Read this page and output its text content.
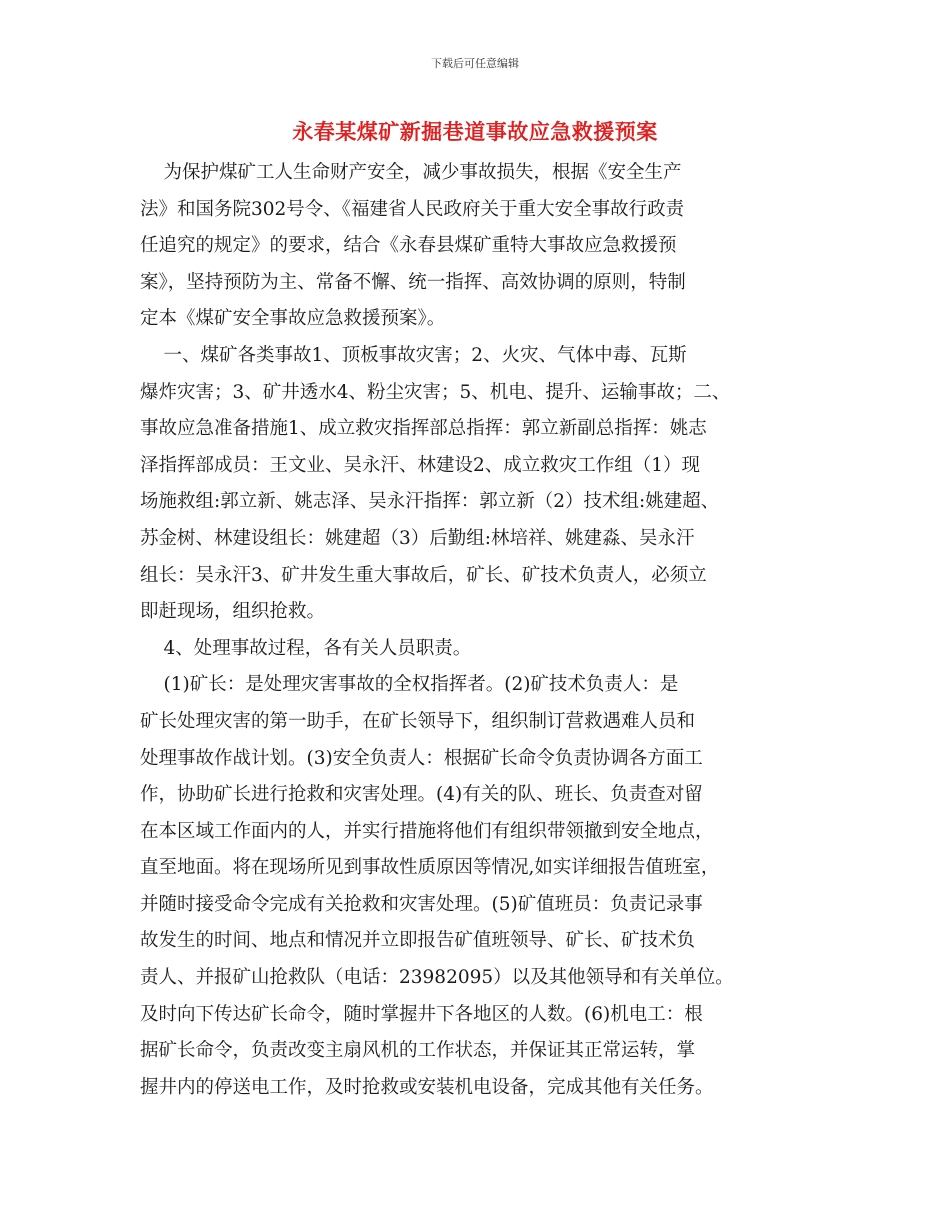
下载后可任意编辑
永春某煤矿新掘巷道事故应急救援预案
为保护煤矿工人生命财产安全，减少事故损失，根据《安全生产
法》和国务院302号令、《福建省人民政府关于重大安全事故行政责
任追究的规定》的要求，结合《永春县煤矿重特大事故应急救援预
案》，坚持预防为主、常备不懈、统一指挥、高效协调的原则，特制
定本《煤矿安全事故应急救援预案》。
一、煤矿各类事故1、顶板事故灾害；2、火灾、气体中毒、瓦斯
爆炸灾害；3、矿井透水4、粉尘灾害；5、机电、提升、运输事故；二、
事故应急准备措施1、成立救灾指挥部总指挥：郭立新副总指挥：姚志
泽指挥部成员：王文业、吴永汗、林建设2、成立救灾工作组（1）现
场施救组:郭立新、姚志泽、吴永汗指挥：郭立新（2）技术组:姚建超、
苏金树、林建设组长：姚建超（3）后勤组:林培祥、姚建淼、吴永汗
组长：吴永汗3、矿井发生重大事故后，矿长、矿技术负责人，必须立
即赶现场，组织抢救。
4、处理事故过程，各有关人员职责。
(1)矿长：是处理灾害事故的全权指挥者。(2)矿技术负责人：是
矿长处理灾害的第一助手，在矿长领导下，组织制订营救遇难人员和
处理事故作战计划。(3)安全负责人：根据矿长命令负责协调各方面工
作，协助矿长进行抢救和灾害处理。(4)有关的队、班长、负责查对留
在本区域工作面内的人，并实行措施将他们有组织带领撤到安全地点，
直至地面。将在现场所见到事故性质原因等情况,如实详细报告值班室，
并随时接受命令完成有关抢救和灾害处理。(5)矿值班员：负责记录事
故发生的时间、地点和情况并立即报告矿值班领导、矿长、矿技术负
责人、并报矿山抢救队（电话：23982095）以及其他领导和有关单位。
及时向下传达矿长命令，随时掌握井下各地区的人数。(6)机电工：根
据矿长命令，负责改变主扇风机的工作状态，并保证其正常运转，掌
握井内的停送电工作，及时抢救或安装机电设备，完成其他有关任务。
